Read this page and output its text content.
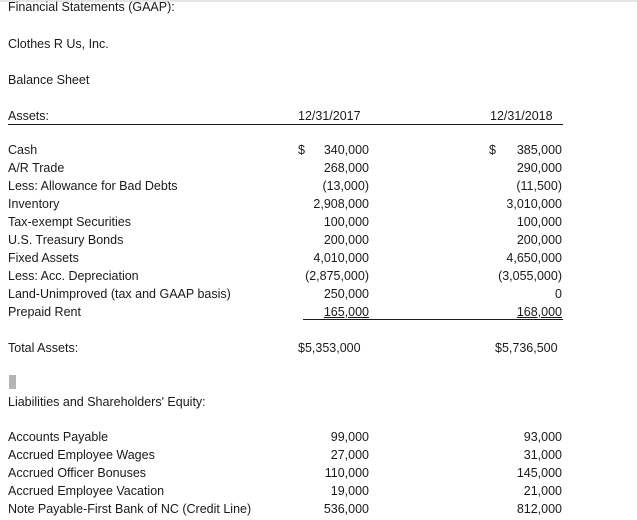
Financial Statements (GAAP):
Clothes R Us, Inc.
Balance Sheet
Assets:	12/31/2017	12/31/2018
Cash	$ 340,000	$ 385,000
A/R Trade	268,000	290,000
Less: Allowance for Bad Debts	(13,000)	(11,500)
Inventory	2,908,000	3,010,000
Tax-exempt Securities	100,000	100,000
U.S. Treasury Bonds	200,000	200,000
Fixed Assets	4,010,000	4,650,000
Less: Acc. Depreciation	(2,875,000)	(3,055,000)
Land-Unimproved (tax and GAAP basis)	250,000	0
Prepaid Rent	165,000	168,000
Total Assets:	$5,353,000	$5,736,500
Liabilities and Shareholders' Equity:
Accounts Payable	99,000	93,000
Accrued Employee Wages	27,000	31,000
Accrued Officer Bonuses	110,000	145,000
Accrued Employee Vacation	19,000	21,000
Note Payable-First Bank of NC (Credit Line)	536,000	812,000
